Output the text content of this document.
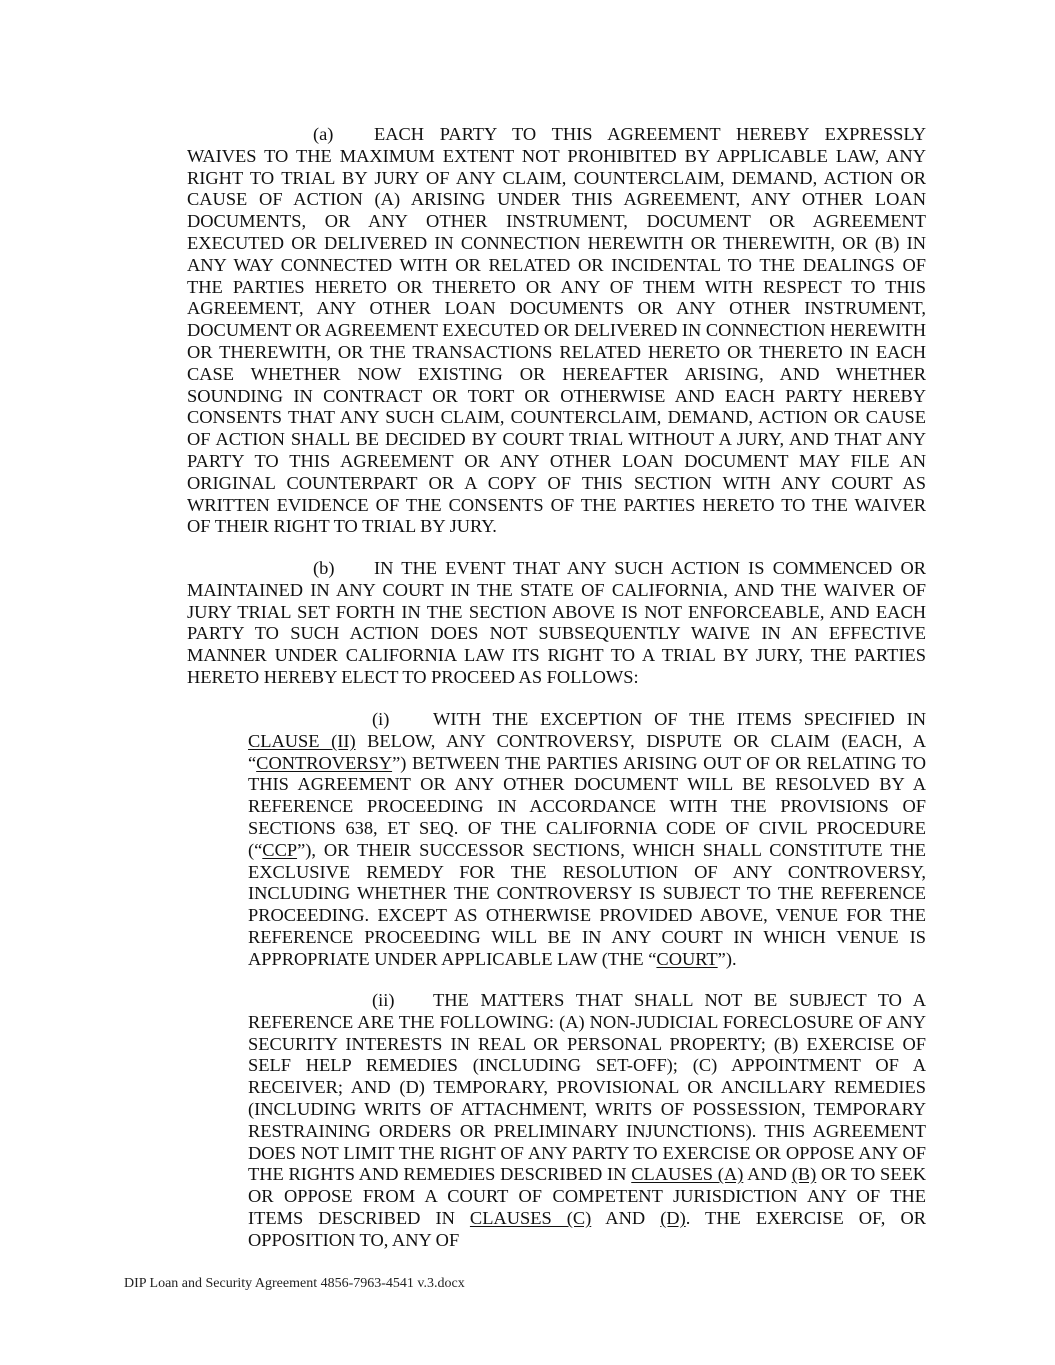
(a) EACH PARTY TO THIS AGREEMENT HEREBY EXPRESSLY WAIVES TO THE MAXIMUM EXTENT NOT PROHIBITED BY APPLICABLE LAW, ANY RIGHT TO TRIAL BY JURY OF ANY CLAIM, COUNTERCLAIM, DEMAND, ACTION OR CAUSE OF ACTION (A) ARISING UNDER THIS AGREEMENT, ANY OTHER LOAN DOCUMENTS, OR ANY OTHER INSTRUMENT, DOCUMENT OR AGREEMENT EXECUTED OR DELIVERED IN CONNECTION HEREWITH OR THEREWITH, OR (B) IN ANY WAY CONNECTED WITH OR RELATED OR INCIDENTAL TO THE DEALINGS OF THE PARTIES HERETO OR THERETO OR ANY OF THEM WITH RESPECT TO THIS AGREEMENT, ANY OTHER LOAN DOCUMENTS OR ANY OTHER INSTRUMENT, DOCUMENT OR AGREEMENT EXECUTED OR DELIVERED IN CONNECTION HEREWITH OR THEREWITH, OR THE TRANSACTIONS RELATED HERETO OR THERETO IN EACH CASE WHETHER NOW EXISTING OR HEREAFTER ARISING, AND WHETHER SOUNDING IN CONTRACT OR TORT OR OTHERWISE AND EACH PARTY HEREBY CONSENTS THAT ANY SUCH CLAIM, COUNTERCLAIM, DEMAND, ACTION OR CAUSE OF ACTION SHALL BE DECIDED BY COURT TRIAL WITHOUT A JURY, AND THAT ANY PARTY TO THIS AGREEMENT OR ANY OTHER LOAN DOCUMENT MAY FILE AN ORIGINAL COUNTERPART OR A COPY OF THIS SECTION WITH ANY COURT AS WRITTEN EVIDENCE OF THE CONSENTS OF THE PARTIES HERETO TO THE WAIVER OF THEIR RIGHT TO TRIAL BY JURY.

(b) IN THE EVENT THAT ANY SUCH ACTION IS COMMENCED OR MAINTAINED IN ANY COURT IN THE STATE OF CALIFORNIA, AND THE WAIVER OF JURY TRIAL SET FORTH IN THE SECTION ABOVE IS NOT ENFORCEABLE, AND EACH PARTY TO SUCH ACTION DOES NOT SUBSEQUENTLY WAIVE IN AN EFFECTIVE MANNER UNDER CALIFORNIA LAW ITS RIGHT TO A TRIAL BY JURY, THE PARTIES HERETO HEREBY ELECT TO PROCEED AS FOLLOWS:

(i) WITH THE EXCEPTION OF THE ITEMS SPECIFIED IN CLAUSE (II) BELOW, ANY CONTROVERSY, DISPUTE OR CLAIM (EACH, A “CONTROVERSY”) BETWEEN THE PARTIES ARISING OUT OF OR RELATING TO THIS AGREEMENT OR ANY OTHER DOCUMENT WILL BE RESOLVED BY A REFERENCE PROCEEDING IN ACCORDANCE WITH THE PROVISIONS OF SECTIONS 638, ET SEQ. OF THE CALIFORNIA CODE OF CIVIL PROCEDURE (“CCP”), OR THEIR SUCCESSOR SECTIONS, WHICH SHALL CONSTITUTE THE EXCLUSIVE REMEDY FOR THE RESOLUTION OF ANY CONTROVERSY, INCLUDING WHETHER THE CONTROVERSY IS SUBJECT TO THE REFERENCE PROCEEDING. EXCEPT AS OTHERWISE PROVIDED ABOVE, VENUE FOR THE REFERENCE PROCEEDING WILL BE IN ANY COURT IN WHICH VENUE IS APPROPRIATE UNDER APPLICABLE LAW (THE “COURT”).

(ii) THE MATTERS THAT SHALL NOT BE SUBJECT TO A REFERENCE ARE THE FOLLOWING: (A) NON-JUDICIAL FORECLOSURE OF ANY SECURITY INTERESTS IN REAL OR PERSONAL PROPERTY; (B) EXERCISE OF SELF HELP REMEDIES (INCLUDING SET-OFF); (C) APPOINTMENT OF A RECEIVER; AND (D) TEMPORARY, PROVISIONAL OR ANCILLARY REMEDIES (INCLUDING WRITS OF ATTACHMENT, WRITS OF POSSESSION, TEMPORARY RESTRAINING ORDERS OR PRELIMINARY INJUNCTIONS). THIS AGREEMENT DOES NOT LIMIT THE RIGHT OF ANY PARTY TO EXERCISE OR OPPOSE ANY OF THE RIGHTS AND REMEDIES DESCRIBED IN CLAUSES (A) AND (B) OR TO SEEK OR OPPOSE FROM A COURT OF COMPETENT JURISDICTION ANY OF THE ITEMS DESCRIBED IN CLAUSES (C) AND (D). THE EXERCISE OF, OR OPPOSITION TO, ANY OF

DIP Loan and Security Agreement 4856-7963-4541 v.3.docx
